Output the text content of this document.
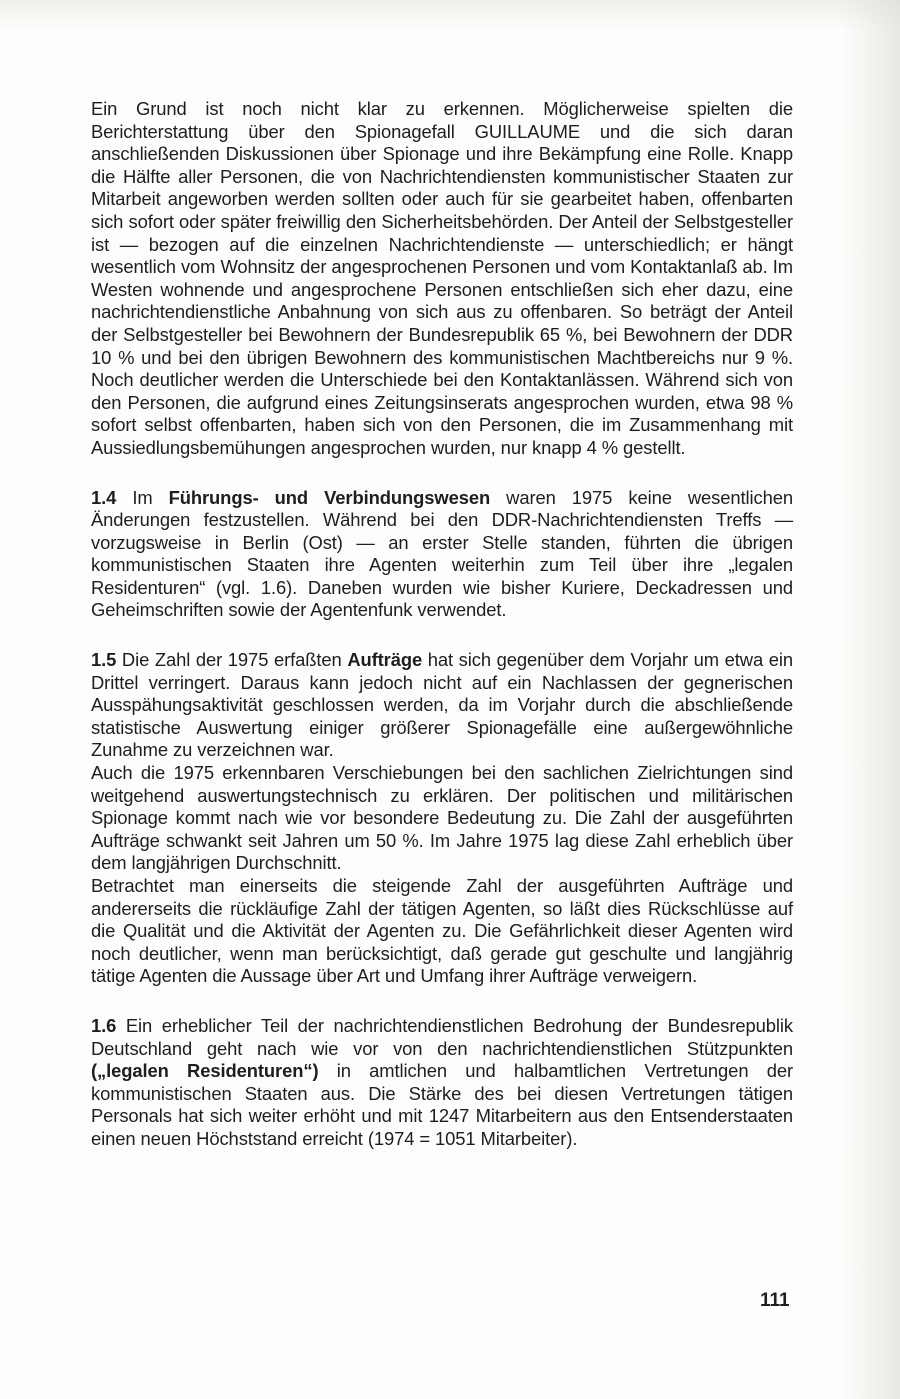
Ein Grund ist noch nicht klar zu erkennen. Möglicherweise spielten die Berichterstattung über den Spionagefall GUILLAUME und die sich daran anschließenden Diskussionen über Spionage und ihre Bekämpfung eine Rolle. Knapp die Hälfte aller Personen, die von Nachrichtendiensten kommunistischer Staaten zur Mitarbeit angeworben werden sollten oder auch für sie gearbeitet haben, offenbarten sich sofort oder später freiwillig den Sicherheitsbehörden. Der Anteil der Selbstgesteller ist — bezogen auf die einzelnen Nachrichtendienste — unterschiedlich; er hängt wesentlich vom Wohnsitz der angesprochenen Personen und vom Kontaktanlaß ab. Im Westen wohnende und angesprochene Personen entschließen sich eher dazu, eine nachrichtendienstliche Anbahnung von sich aus zu offenbaren. So beträgt der Anteil der Selbstgesteller bei Bewohnern der Bundesrepublik 65 %, bei Bewohnern der DDR 10 % und bei den übrigen Bewohnern des kommunistischen Machtbereichs nur 9 %. Noch deutlicher werden die Unterschiede bei den Kontaktanlässen. Während sich von den Personen, die aufgrund eines Zeitungsinserats angesprochen wurden, etwa 98 % sofort selbst offenbarten, haben sich von den Personen, die im Zusammenhang mit Aussiedlungsbemühungen angesprochen wurden, nur knapp 4 % gestellt.

1.4 Im Führungs- und Verbindungswesen waren 1975 keine wesentlichen Änderungen festzustellen. Während bei den DDR-Nachrichtendiensten Treffs — vorzugsweise in Berlin (Ost) — an erster Stelle standen, führten die übrigen kommunistischen Staaten ihre Agenten weiterhin zum Teil über ihre „legalen Residenturen“ (vgl. 1.6). Daneben wurden wie bisher Kuriere, Deckadressen und Geheimschriften sowie der Agentenfunk verwendet.

1.5 Die Zahl der 1975 erfaßten Aufträge hat sich gegenüber dem Vorjahr um etwa ein Drittel verringert. Daraus kann jedoch nicht auf ein Nachlassen der gegnerischen Ausspähungsaktivität geschlossen werden, da im Vorjahr durch die abschließende statistische Auswertung einiger größerer Spionagefälle eine außergewöhnliche Zunahme zu verzeichnen war.

Auch die 1975 erkennbaren Verschiebungen bei den sachlichen Zielrichtungen sind weitgehend auswertungstechnisch zu erklären. Der politischen und militärischen Spionage kommt nach wie vor besondere Bedeutung zu. Die Zahl der ausgeführten Aufträge schwankt seit Jahren um 50 %. Im Jahre 1975 lag diese Zahl erheblich über dem langjährigen Durchschnitt.

Betrachtet man einerseits die steigende Zahl der ausgeführten Aufträge und andererseits die rückläufige Zahl der tätigen Agenten, so läßt dies Rückschlüsse auf die Qualität und die Aktivität der Agenten zu. Die Gefährlichkeit dieser Agenten wird noch deutlicher, wenn man berücksichtigt, daß gerade gut geschulte und langjährig tätige Agenten die Aussage über Art und Umfang ihrer Aufträge verweigern.

1.6 Ein erheblicher Teil der nachrichtendienstlichen Bedrohung der Bundesrepublik Deutschland geht nach wie vor von den nachrichtendienstlichen Stützpunkten („legalen Residenturen“) in amtlichen und halbamtlichen Vertretungen der kommunistischen Staaten aus. Die Stärke des bei diesen Vertretungen tätigen Personals hat sich weiter erhöht und mit 1247 Mitarbeitern aus den Entsenderstaaten einen neuen Höchststand erreicht (1974 = 1051 Mitarbeiter).

111
